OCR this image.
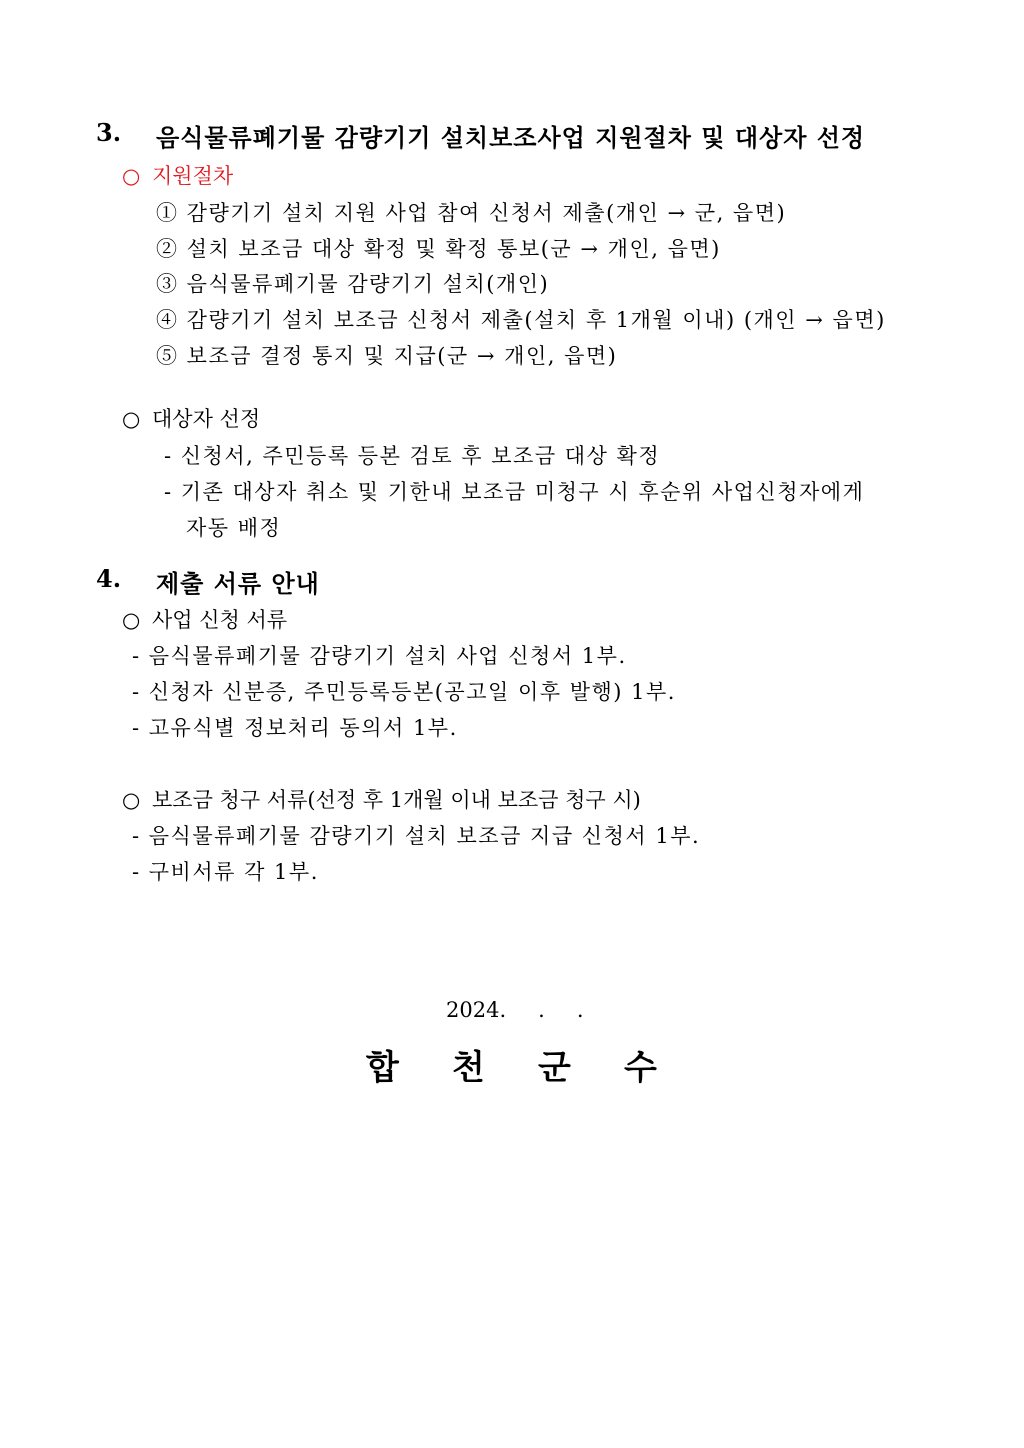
3. 음식물류폐기물 감량기기 설치보조사업 지원절차 및 대상자 선정
○ 지원절차
① 감량기기 설치 지원 사업 참여 신청서 제출(개인 → 군, 읍면)
② 설치 보조금 대상 확정 및 확정 통보(군 → 개인, 읍면)
③ 음식물류폐기물 감량기기 설치(개인)
④ 감량기기 설치 보조금 신청서 제출(설치 후 1개월 이내) (개인 → 읍면)
⑤ 보조금 결정 통지 및 지급(군 → 개인, 읍면)
○ 대상자 선정
- 신청서, 주민등록 등본 검토 후 보조금 대상 확정
- 기존 대상자 취소 및 기한내 보조금 미청구 시 후순위 사업신청자에게
자동 배정
4. 제출 서류 안내
○ 사업 신청 서류
- 음식물류폐기물 감량기기 설치 사업 신청서 1부.
- 신청자 신분증, 주민등록등본(공고일 이후 발행) 1부.
- 고유식별 정보처리 동의서 1부.
○ 보조금 청구 서류(선정 후 1개월 이내 보조금 청구 시)
- 음식물류폐기물 감량기기 설치 보조금 지급 신청서 1부.
- 구비서류 각 1부.
2024. . .
합 천 군 수
